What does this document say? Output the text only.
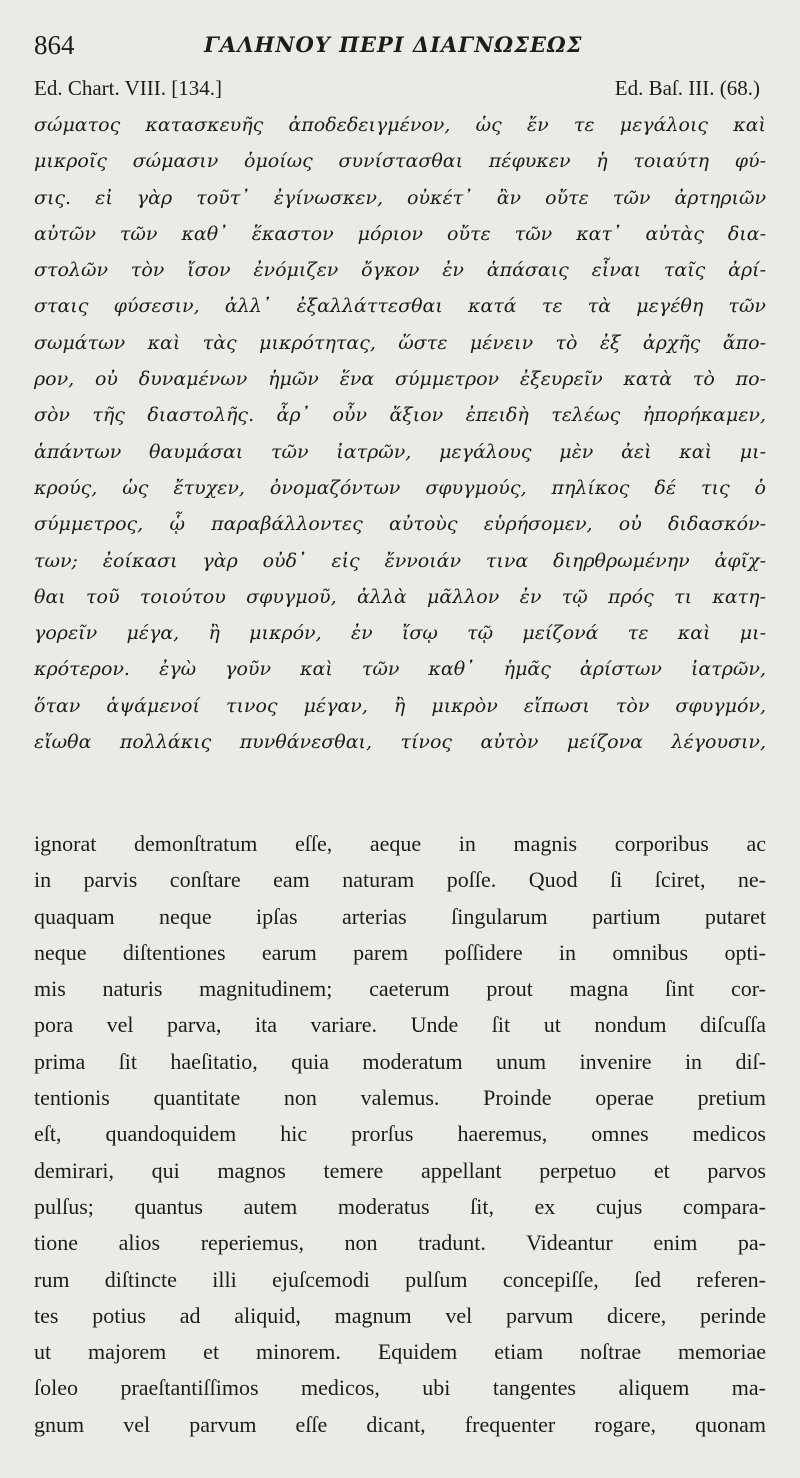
864	ΓΑΛΗΝΟΥ ΠΕΡΙ ΔΙΑΓΝΩΣΕΩΣ
Ed. Chart. VIII. [134.]	Ed. Baſ. III. (68.)
σώματος κατασκευῆς ἀποδεδειγμένον, ὡς ἔν τε μεγάλοις καὶ
μικροῖς σώμασιν ὁμοίως συνίστασθαι πέφυκεν ἡ τοιαύτη φύ-
σις. εἰ γὰρ τοῦτ᾽ ἐγίνωσκεν, οὐκέτ᾽ ἂν οὔτε τῶν ἀρτηριῶν
αὐτῶν τῶν καθ᾽ ἕκαστον μόριον οὔτε τῶν κατ᾽ αὐτὰς δια-
στολῶν τὸν ἴσον ἐνόμιζεν ὄγκον ἐν ἁπάσαις εἶναι ταῖς ἀρί-
σταις φύσεσιν, ἀλλ᾽ ἐξαλλάττεσθαι κατά τε τὰ μεγέθη τῶν
σωμάτων καὶ τὰς μικρότητας, ὥστε μένειν τὸ ἐξ ἀρχῆς ἄπο-
ρον, οὐ δυναμένων ἡμῶν ἕνα σύμμετρον ἐξευρεῖν κατὰ τὸ πο-
σὸν τῆς διαστολῆς. ἆρ᾽ οὖν ἄξιον ἐπειδὴ τελέως ἠπορήκαμεν,
ἁπάντων θαυμάσαι τῶν ἰατρῶν, μεγάλους μὲν ἀεὶ καὶ μι-
κρούς, ὡς ἔτυχεν, ὀνομαζόντων σφυγμούς, πηλίκος δέ τις ὁ
σύμμετρος, ᾧ παραβάλλοντες αὐτοὺς εὑρήσομεν, οὐ διδασκόν-
των; ἐοίκασι γὰρ οὐδ᾽ εἰς ἔννοιάν τινα διηρθρωμένην ἀφῖχ-
θαι τοῦ τοιούτου σφυγμοῦ, ἀλλὰ μᾶλλον ἐν τῷ πρός τι κατη-
γορεῖν μέγα, ἢ μικρόν, ἐν ἴσῳ τῷ μείζονά τε καὶ μι-
κρότερον. ἐγὼ γοῦν καὶ τῶν καθ᾽ ἡμᾶς ἀρίστων ἰατρῶν,
ὅταν ἁψάμενοί τινος μέγαν, ἢ μικρὸν εἴπωσι τὸν σφυγμόν,
εἴωθα πολλάκις πυνθάνεσθαι, τίνος αὐτὸν μείζονα λέγουσιν,
ignorat demonſtratum eſſe, aeque in magnis corporibus ac
in parvis conſtare eam naturam poſſe. Quod ſi ſciret, ne-
quaquam neque ipſas arterias ſingularum partium putaret
neque diſtentiones earum parem poſſidere in omnibus opti-
mis naturis magnitudinem; caeterum prout magna ſint cor-
pora vel parva, ita variare. Unde ſit ut nondum diſcuſſa
prima ſit haeſitatio, quia moderatum unum invenire in diſ-
tentionis quantitate non valemus. Proinde operae pretium
eſt, quandoquidem hic prorſus haeremus, omnes medicos
demirari, qui magnos temere appellant perpetuo et parvos
pulſus; quantus autem moderatus ſit, ex cujus compara-
tione alios reperiemus, non tradunt. Videantur enim pa-
rum diſtincte illi ejuſcemodi pulſum concepiſſe, ſed referen-
tes potius ad aliquid, magnum vel parvum dicere, perinde
ut majorem et minorem. Equidem etiam noſtrae memoriae
ſoleo praeſtantiſſimos medicos, ubi tangentes aliquem ma-
gnum vel parvum eſſe dicant, frequenter rogare, quonam
